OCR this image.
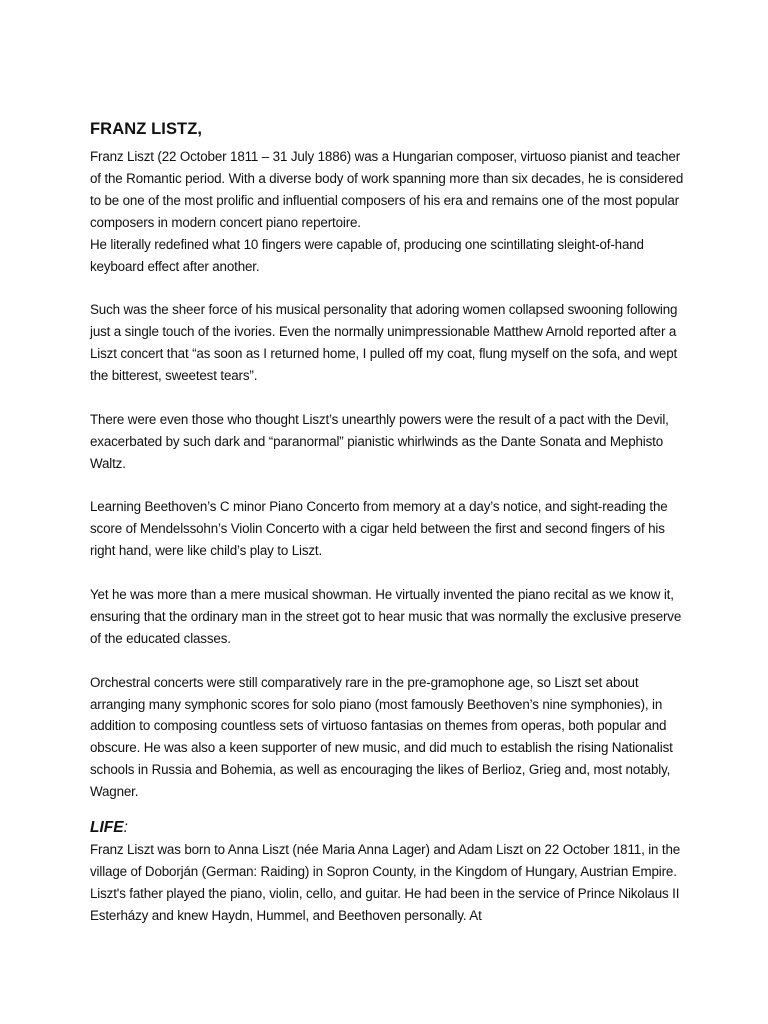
FRANZ LISTZ,

Franz Liszt (22 October 1811 – 31 July 1886) was a Hungarian composer, virtuoso pianist and teacher of the Romantic period. With a diverse body of work spanning more than six decades, he is considered to be one of the most prolific and influential composers of his era and remains one of the most popular composers in modern concert piano repertoire.

He literally redefined what 10 fingers were capable of, producing one scintillating sleight-of-hand keyboard effect after another.

Such was the sheer force of his musical personality that adoring women collapsed swooning following just a single touch of the ivories. Even the normally unimpressionable Matthew Arnold reported after a Liszt concert that “as soon as I returned home, I pulled off my coat, flung myself on the sofa, and wept the bitterest, sweetest tears”.

There were even those who thought Liszt’s unearthly powers were the result of a pact with the Devil, exacerbated by such dark and “paranormal” pianistic whirlwinds as the Dante Sonata and Mephisto Waltz.

Learning Beethoven’s C minor Piano Concerto from memory at a day’s notice, and sight-reading the score of Mendelssohn’s Violin Concerto with a cigar held between the first and second fingers of his right hand, were like child’s play to Liszt.

Yet he was more than a mere musical showman. He virtually invented the piano recital as we know it, ensuring that the ordinary man in the street got to hear music that was normally the exclusive preserve of the educated classes.

Orchestral concerts were still comparatively rare in the pre-gramophone age, so Liszt set about arranging many symphonic scores for solo piano (most famously Beethoven’s nine symphonies), in addition to composing countless sets of virtuoso fantasias on themes from operas, both popular and obscure. He was also a keen supporter of new music, and did much to establish the rising Nationalist schools in Russia and Bohemia, as well as encouraging the likes of Berlioz, Grieg and, most notably, Wagner.

LIFE:

Franz Liszt was born to Anna Liszt (née Maria Anna Lager) and Adam Liszt on 22 October 1811, in the village of Doborján (German: Raiding) in Sopron County, in the Kingdom of Hungary, Austrian Empire. Liszt's father played the piano, violin, cello, and guitar. He had been in the service of Prince Nikolaus II Esterházy and knew Haydn, Hummel, and Beethoven personally. At
